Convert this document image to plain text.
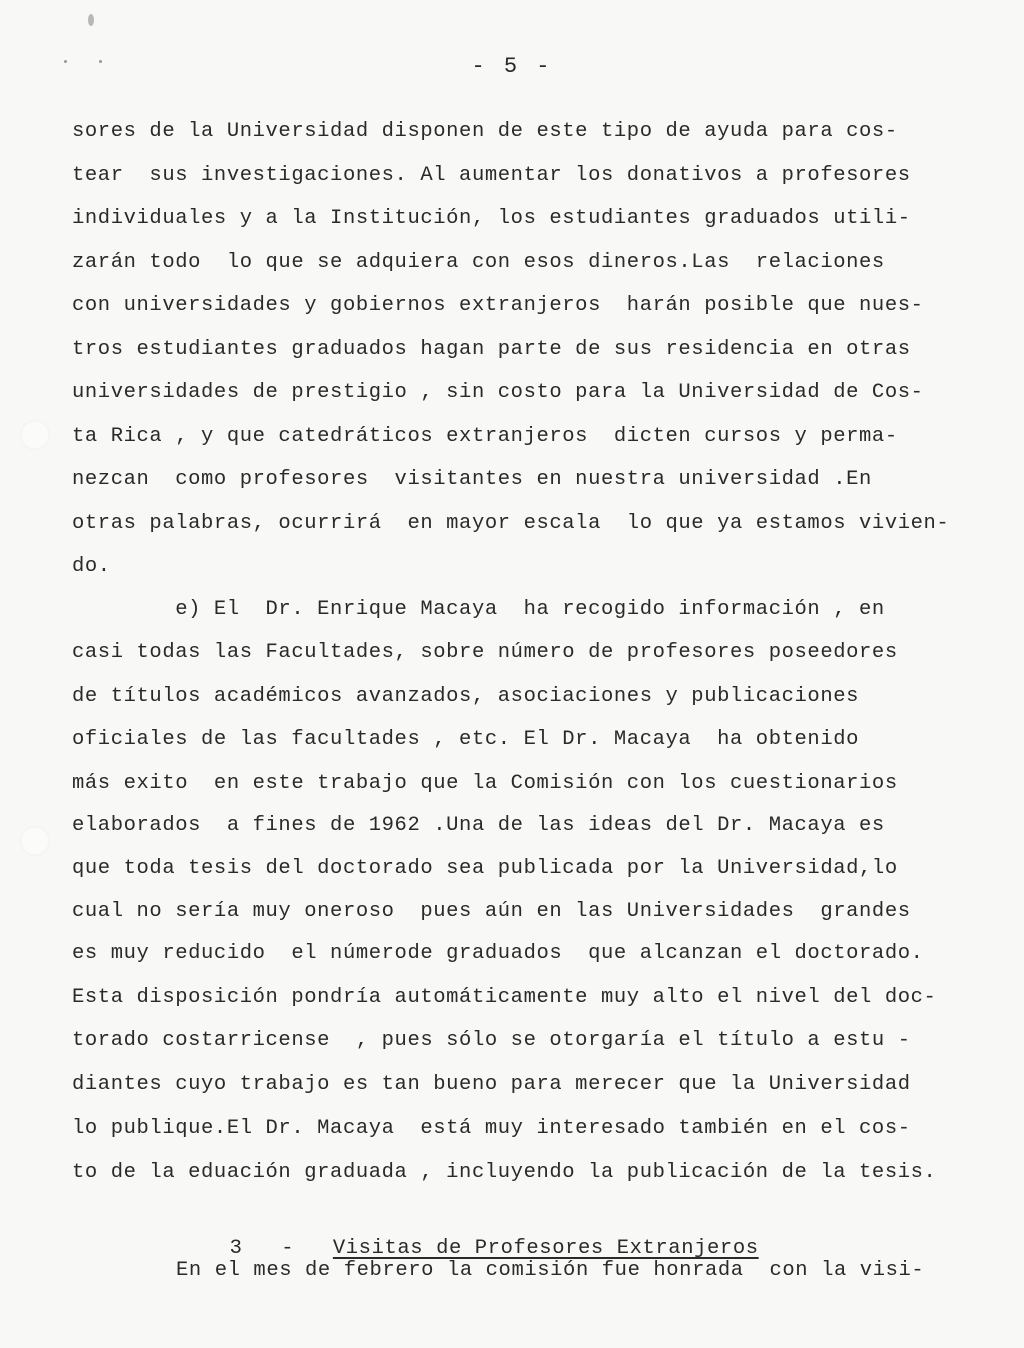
- 5 -
sores de la Universidad disponen de este tipo de ayuda para cos-
tear  sus investigaciones. Al aumentar los donativos a profesores
individuales y a la Institución, los estudiantes graduados utili-
zarán todo  lo que se adquiera con esos dineros.Las  relaciones
con universidades y gobiernos extranjeros  harán posible que nues-
tros estudiantes graduados hagan parte de sus residencia en otras
universidades de prestigio , sin costo para la Universidad de Cos-
ta Rica , y que catedráticos extranjeros  dicten cursos y perma-
nezcan  como profesores  visitantes en nuestra universidad .En
otras palabras, ocurrirá  en mayor escala  lo que ya estamos vivien-
do.
e) El  Dr. Enrique Macaya  ha recogido información , en
casi todas las Facultades, sobre número de profesores poseedores
de títulos académicos avanzados, asociaciones y publicaciones
oficiales de las facultades , etc. El Dr. Macaya  ha obtenido
más exito  en este trabajo que la Comisión con los cuestionarios
elaborados  a fines de 1962 .Una de las ideas del Dr. Macaya es
que toda tesis del doctorado sea publicada por la Universidad,lo
cual no sería muy oneroso  pues aún en las Universidades  grandes
es muy reducido  el númerode graduados  que alcanzan el doctorado.
Esta disposición pondría automáticamente muy alto el nivel del doc-
torado costarricense  , pues sólo se otorgaría el título a estu -
diantes cuyo trabajo es tan bueno para merecer que la Universidad
lo publique.El Dr. Macaya  está muy interesado también en el cos-
to de la eduación graduada , incluyendo la publicación de la tesis.

3 - Visitas de Profesores Extranjeros

En el mes de febrero la comisión fue honrada  con la visi-
